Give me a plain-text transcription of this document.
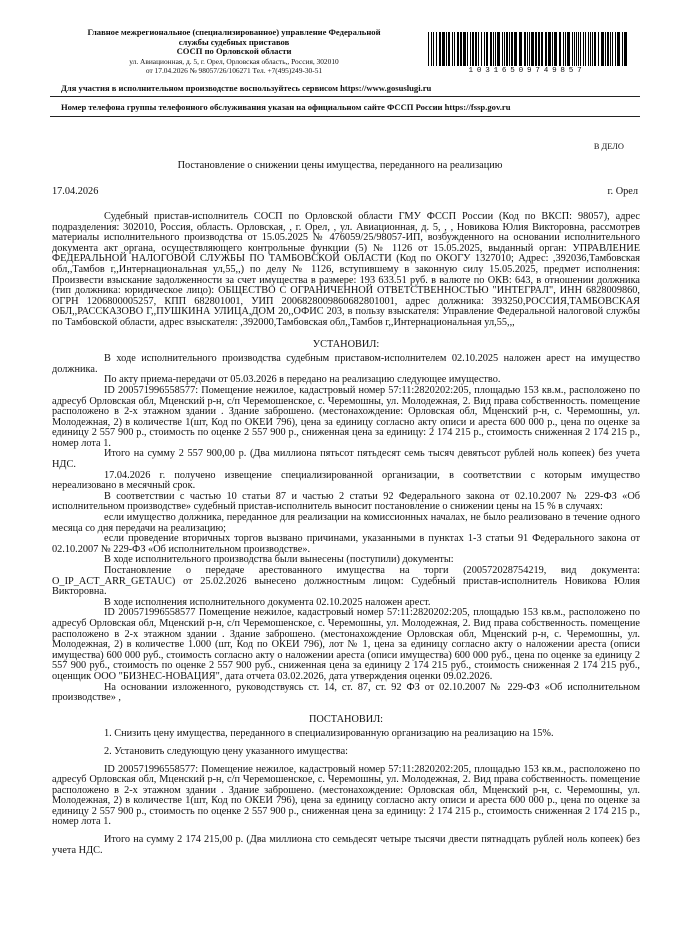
Главное межрегиональное (специализированное) управление Федеральной
службы судебных приставов
СОСП по Орловской области
ул. Авиационная, д. 5, г. Орел, Орловская область,, Россия, 302010
от 17.04.2026 № 98057/26/106271 Тел. +7(495)249-30-51	10316509749857
Для участия в исполнительном производстве воспользуйтесь сервисом https://www.gosuslugi.ru
Номер телефона группы телефонного обслуживания указан на официальном сайте ФССП России https://fssp.gov.ru
В ДЕЛО
Постановление о снижении цены имущества, переданного на реализацию
17.04.2026	г. Орел

Судебный пристав-исполнитель СОСП по Орловской области ГМУ ФССП России (Код по ВКСП: 98057), адрес подразделения: 302010, Россия, область. Орловская, , г. Орел, , ул. Авиационная, д. 5, , , Новикова Юлия Викторовна, рассмотрев материалы исполнительного производства от 15.05.2025 № 476059/25/98057-ИП, возбужденного на основании исполнительного документа акт органа, осуществляющего контрольные функции (5) № 1126 от 15.05.2025, выданный орган: УПРАВЛЕНИЕ ФЕДЕРАЛЬНОЙ НАЛОГОВОЙ СЛУЖБЫ ПО ТАМБОВСКОЙ ОБЛАСТИ (Код по ОКОГУ 1327010; Адрес: ,392036,Тамбовская обл,,Тамбов г,,Интернациональная ул,55,,) по делу № 1126, вступившему в законную силу 15.05.2025, предмет исполнения: Произвести взыскание задолженности за счет имущества в размере: 193 633.51 руб. в валюте по ОКВ: 643, в отношении должника (тип должника: юридическое лицо): ОБЩЕСТВО С ОГРАНИЧЕННОЙ ОТВЕТСТВЕННОСТЬЮ "ИНТЕГРАЛ", ИНН 6828009860, ОГРН 1206800005257, КПП 682801001, УИП 2006828009860682801001, адрес должника: 393250,РОССИЯ,ТАМБОВСКАЯ ОБЛ,,РАССКАЗОВО Г,,ПУШКИНА УЛИЦА,ДОМ 20,,ОФИС 203, в пользу взыскателя: Управление Федеральной налоговой службы по Тамбовской области, адрес взыскателя: ,392000,Тамбовская обл,,Тамбов г,,Интернациональная ул,55,,,

УСТАНОВИЛ:

В ходе исполнительного производства судебным приставом-исполнителем 02.10.2025 наложен арест на имущество должника.

По акту приема-передачи от 05.03.2026 в передано на реализацию следующее имущество.

ID 200571996558577: Помещение нежилое, кадастровый номер 57:11:2820202:205, площадью 153 кв.м., расположено по адресуб Орловская обл, Мценский р-н, с/п Черемошенское, с. Черемошны, ул. Молодежная, 2. Вид права собственность. помещение расположено в 2-х этажном здании . Здание заброшено. (местонахождение: Орловская обл, Мценский р-н, с. Черемошны, ул. Молодежная, 2) в количестве 1(шт, Код по ОКЕИ 796), цена за единицу согласно акту описи и ареста 600 000 р., цена по оценке за единицу 2 557 900 р., стоимость по оценке 2 557 900 р., сниженная цена за единицу: 2 174 215 р., стоимость сниженная 2 174 215 р., номер лота 1.

Итого на сумму 2 557 900,00 р. (Два миллиона пятьсот пятьдесят семь тысяч девятьсот рублей ноль копеек) без учета НДС.

17.04.2026 г. получено извещение специализированной организации, в соответствии с которым имущество нереализовано в месячный срок.

В соответствии с частью 10 статьи 87 и частью 2 статьи 92 Федерального закона от 02.10.2007 № 229-ФЗ «Об исполнительном производстве» судебный пристав-исполнитель выносит постановление о снижении цены на 15 % в случаях:

если имущество должника, переданное для реализации на комиссионных началах, не было реализовано в течение одного месяца со дня передачи на реализацию;

если проведение вторичных торгов вызвано причинами, указанными в пунктах 1-3 статьи 91 Федерального закона от 02.10.2007 № 229-ФЗ «Об исполнительном производстве».

В ходе исполнительного производства были вынесены (поступили) документы:

Постановление о передаче арестованного имущества на торги (200572028754219, вид документа: O_IP_ACT_ARR_GETAUC) от 25.02.2026 вынесено должностным лицом: Судебный пристав-исполнитель Новикова Юлия Викторовна.

В ходе исполнения исполнительного документа 02.10.2025 наложен арест.

ID 200571996558577 Помещение нежилое, кадастровый номер 57:11:2820202:205, площадью 153 кв.м., расположено по адресуб Орловская обл, Мценский р-н, с/п Черемошенское, с. Черемошны, ул. Молодежная, 2. Вид права собственность. помещение расположено в 2-х этажном здании . Здание заброшено. (местонахождение Орловская обл, Мценский р-н, с. Черемошны, ул. Молодежная, 2) в количестве 1.000 (шт, Код по ОКЕИ 796), лот № 1, цена за единицу согласно акту о наложении ареста (описи имущества) 600 000 руб., стоимость согласно акту о наложении ареста (описи имущества) 600 000 руб., цена по оценке за единицу 2 557 900 руб., стоимость по оценке 2 557 900 руб., сниженная цена за единицу 2 174 215 руб., стоимость сниженная 2 174 215 руб., оценщик ООО "БИЗНЕС-НОВАЦИЯ", дата отчета 03.02.2026, дата утверждения оценки 09.02.2026.

На основании изложенного, руководствуясь ст. 14, ст. 87, ст. 92 ФЗ от 02.10.2007 № 229-ФЗ «Об исполнительном производстве» ,

ПОСТАНОВИЛ:

1. Снизить цену имущества, переданного в специализированную организацию на реализацию на 15%.

2. Установить следующую цену указанного имущества:

ID 200571996558577: Помещение нежилое, кадастровый номер 57:11:2820202:205, площадью 153 кв.м., расположено по адресуб Орловская обл, Мценский р-н, с/п Черемошенское, с. Черемошны, ул. Молодежная, 2. Вид права собственность. помещение расположено в 2-х этажном здании . Здание заброшено. (местонахождение: Орловская обл, Мценский р-н, с. Черемошны, ул. Молодежная, 2) в количестве 1(шт, Код по ОКЕИ 796), цена за единицу согласно акту описи и ареста 600 000 р., цена по оценке за единицу 2 557 900 р., стоимость по оценке 2 557 900 р., сниженная цена за единицу: 2 174 215 р., стоимость сниженная 2 174 215 р., номер лота 1.

Итого на сумму 2 174 215,00 р. (Два миллиона сто семьдесят четыре тысячи двести пятнадцать рублей ноль копеек) без учета НДС.
